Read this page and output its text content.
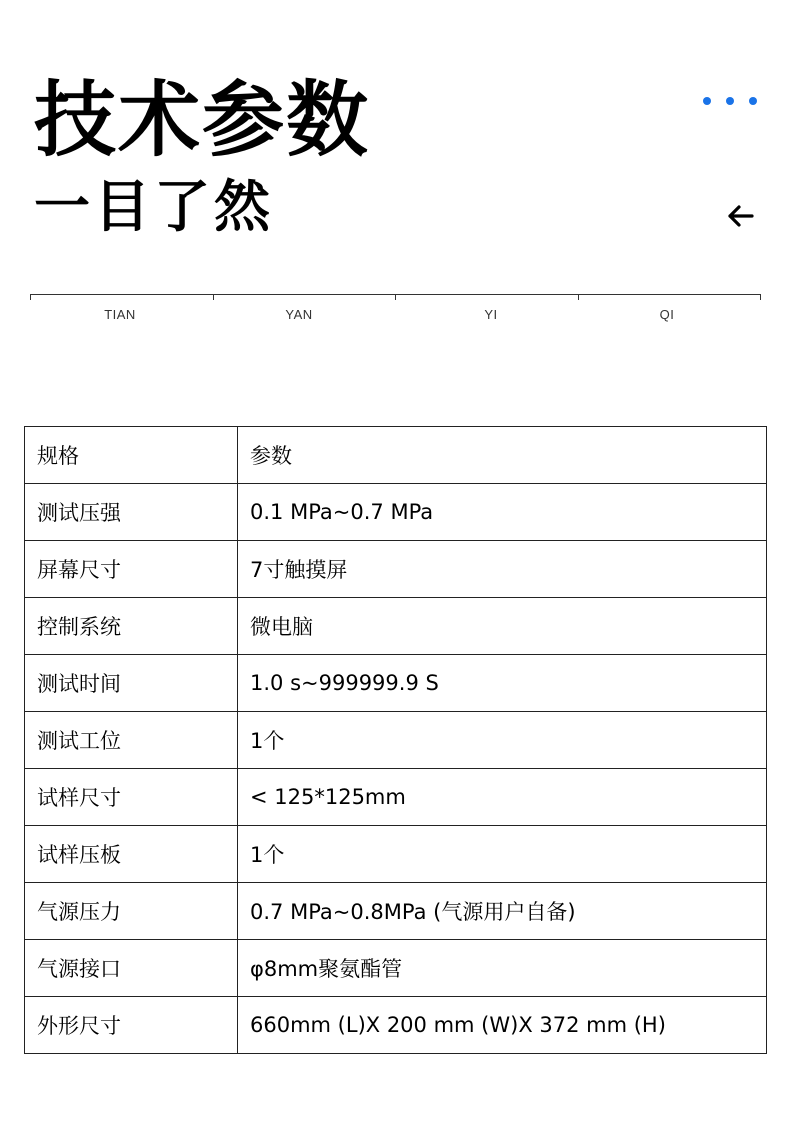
技术参数
一目了然
TIAN	YAN	YI	QI
规格	参数
测试压强	0.1 MPa~0.7 MPa
屏幕尺寸	7寸触摸屏
控制系统	微电脑
测试时间	1.0 s~999999.9 S
测试工位	1个
试样尺寸	< 125*125mm
试样压板	1个
气源压力	0.7 MPa~0.8MPa (气源用户自备)
气源接口	φ8mm聚氨酯管
外形尺寸	660mm (L)X 200 mm (W)X 372 mm (H)
